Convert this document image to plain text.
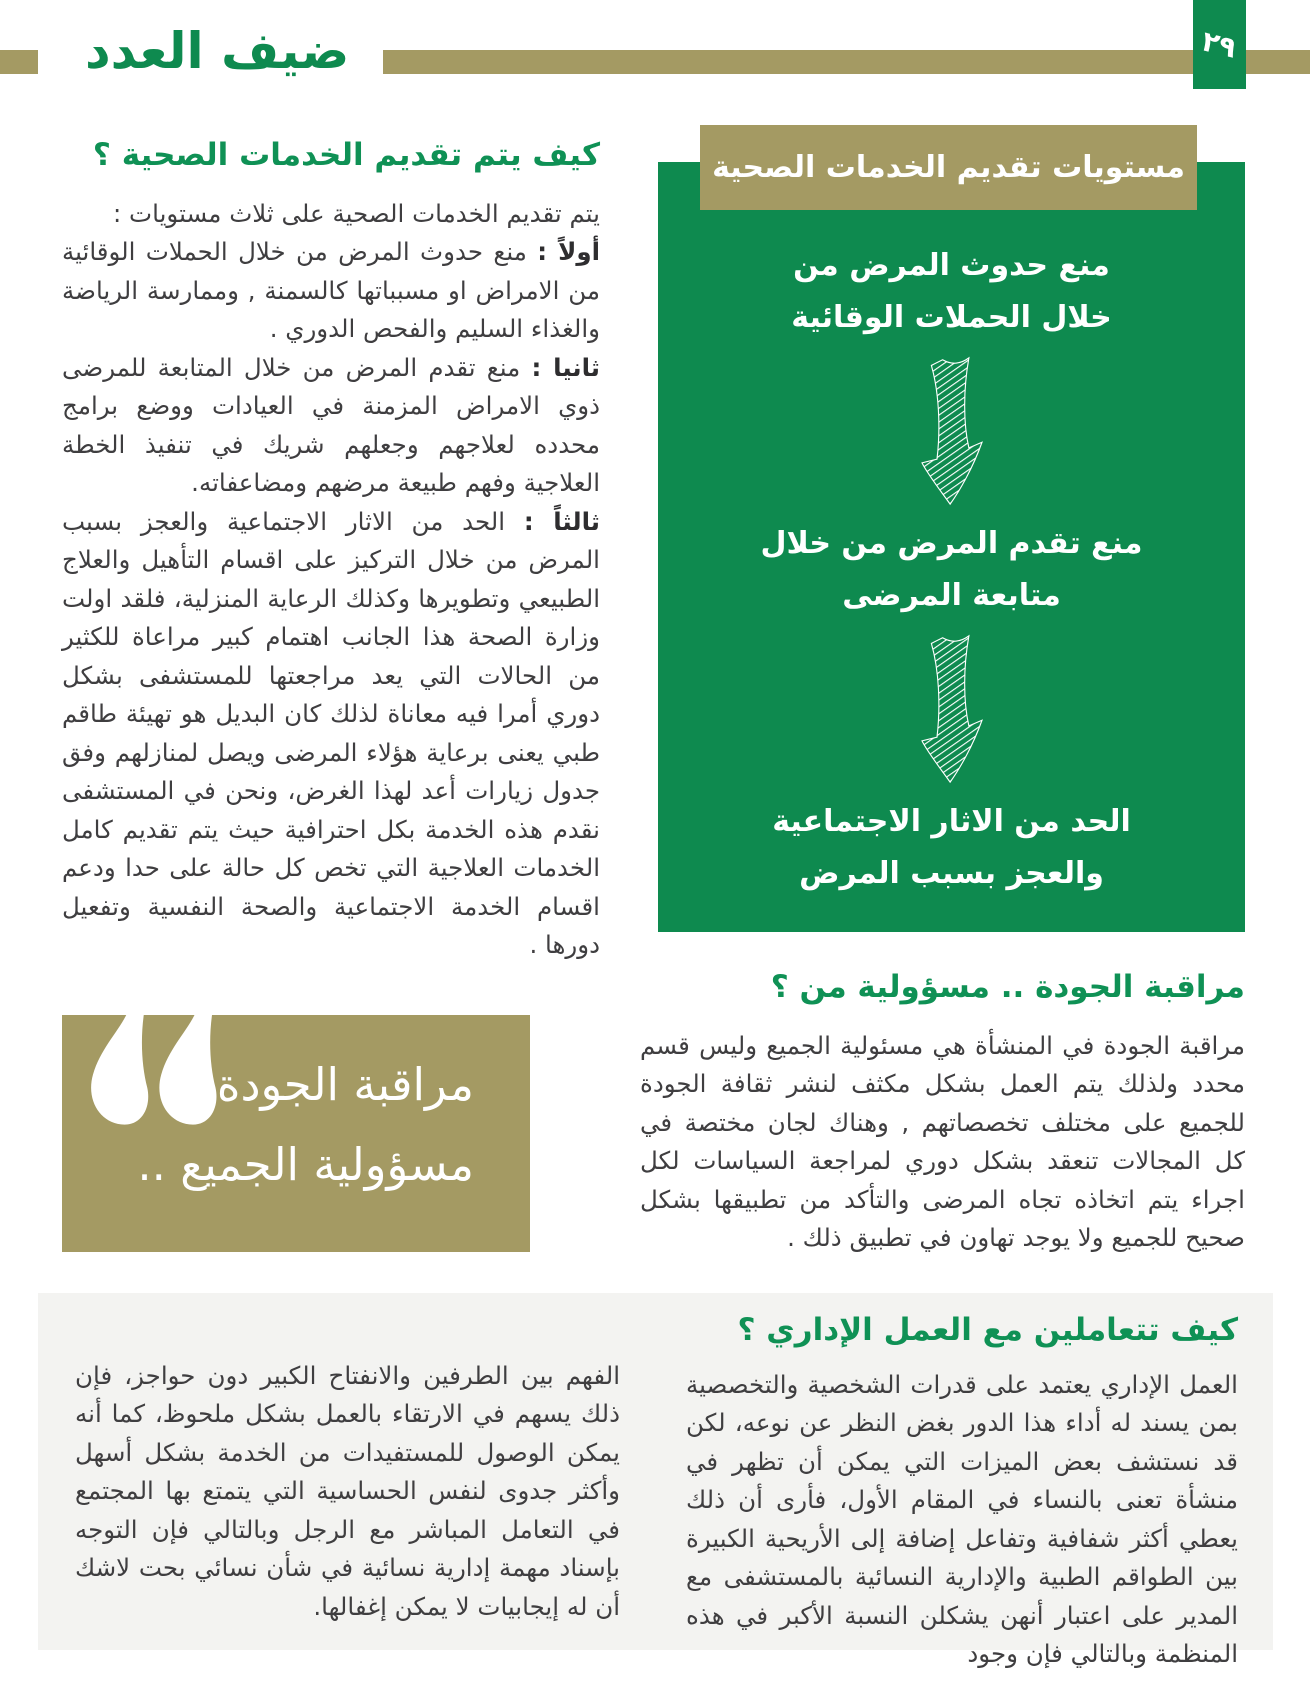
ضيف العدد	٢٩
كيف يتم تقديم الخدمات الصحية ؟

يتم تقديم الخدمات الصحية على ثلاث مستويات :

أولاً : منع حدوث المرض من خلال الحملات الوقائية من الامراض او مسبباتها كالسمنة , وممارسة الرياضة والغذاء السليم والفحص الدوري .

ثانيا : منع تقدم المرض من خلال المتابعة للمرضى ذوي الامراض المزمنة في العيادات ووضع برامج محدده لعلاجهم وجعلهم شريك في تنفيذ الخطة العلاجية وفهم طبيعة مرضهم ومضاعفاته.

ثالثاً : الحد من الاثار الاجتماعية والعجز بسبب المرض من خلال التركيز على اقسام التأهيل والعلاج الطبيعي وتطويرها وكذلك الرعاية المنزلية، فلقد اولت وزارة الصحة هذا الجانب اهتمام كبير مراعاة للكثير من الحالات التي يعد مراجعتها للمستشفى بشكل دوري أمرا فيه معاناة لذلك كان البديل هو تهيئة طاقم طبي يعنى برعاية هؤلاء المرضى ويصل لمنازلهم وفق جدول زيارات أعد لهذا الغرض، ونحن في المستشفى نقدم هذه الخدمة بكل احترافية حيث يتم تقديم كامل الخدمات العلاجية التي تخص كل حالة على حدا ودعم اقسام الخدمة الاجتماعية والصحة النفسية وتفعيل دورها .

مراقبة الجودة
مسؤولية الجميع ..
مستويات تقديم الخدمات الصحية
منع حدوث المرض من
خلال الحملات الوقائية
منع تقدم المرض من خلال
متابعة المرضى
الحد من الاثار الاجتماعية
والعجز بسبب المرض
مراقبة الجودة .. مسؤولية من ؟

مراقبة الجودة في المنشأة هي مسئولية الجميع وليس قسم محدد ولذلك يتم العمل بشكل مكثف لنشر ثقافة الجودة للجميع على مختلف تخصصاتهم , وهناك لجان مختصة في كل المجالات تنعقد بشكل دوري لمراجعة السياسات لكل اجراء يتم اتخاذه تجاه المرضى والتأكد من تطبيقها بشكل صحيح للجميع ولا يوجد تهاون في تطبيق ذلك .

كيف تتعاملين مع العمل الإداري ؟

العمل الإداري يعتمد على قدرات الشخصية والتخصصية بمن يسند له أداء هذا الدور بغض النظر عن نوعه، لكن قد نستشف بعض الميزات التي يمكن أن تظهر في منشأة تعنى بالنساء في المقام الأول، فأرى أن ذلك يعطي أكثر شفافية وتفاعل إضافة إلى الأريحية الكبيرة بين الطواقم الطبية والإدارية النسائية بالمستشفى مع المدير على اعتبار أنهن يشكلن النسبة الأكبر في هذه المنظمة وبالتالي فإن وجود

الفهم بين الطرفين والانفتاح الكبير دون حواجز، فإن ذلك يسهم في الارتقاء بالعمل بشكل ملحوظ، كما أنه يمكن الوصول للمستفيدات من الخدمة بشكل أسهل وأكثر جدوى لنفس الحساسية التي يتمتع بها المجتمع في التعامل المباشر مع الرجل وبالتالي فإن التوجه بإسناد مهمة إدارية نسائية في شأن نسائي بحت لاشك أن له إيجابيات لا يمكن إغفالها.
